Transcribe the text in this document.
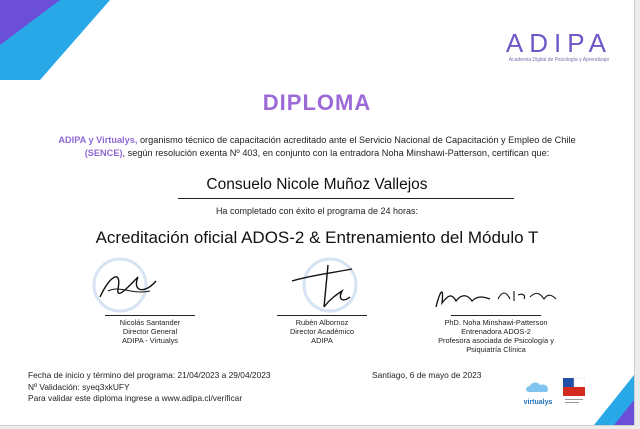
ADIPA
Academia Digital de Psicología y Aprendizaje
DIPLOMA
ADIPA y Virtualys, organismo técnico de capacitación acreditado ante el Servicio Nacional de Capacitación y Empleo de Chile (SENCE), según resolución exenta Nº 403, en conjunto con la entradora Noha Minshawi-Patterson, certifican que:
Consuelo Nicole Muñoz Vallejos
Ha completado con éxito el programa de 24 horas:
Acreditación oficial ADOS-2 & Entrenamiento del Módulo T
Nicolás Santander
Director General
ADIPA - Virtualys
Rubén Albornoz
Director Académico
ADIPA
PhD. Noha Minshawi-Patterson
Entrenadora ADOS-2
Profesora asociada de Psicología y
Psiquiatría Clínica
Fecha de inicio y término del programa: 21/04/2023 a 29/04/2023
Nº Validación: syeq3xkUFY
Para validar este diploma ingrese a www.adipa.cl/verificar
Santiago, 6 de mayo de 2023
virtualys
